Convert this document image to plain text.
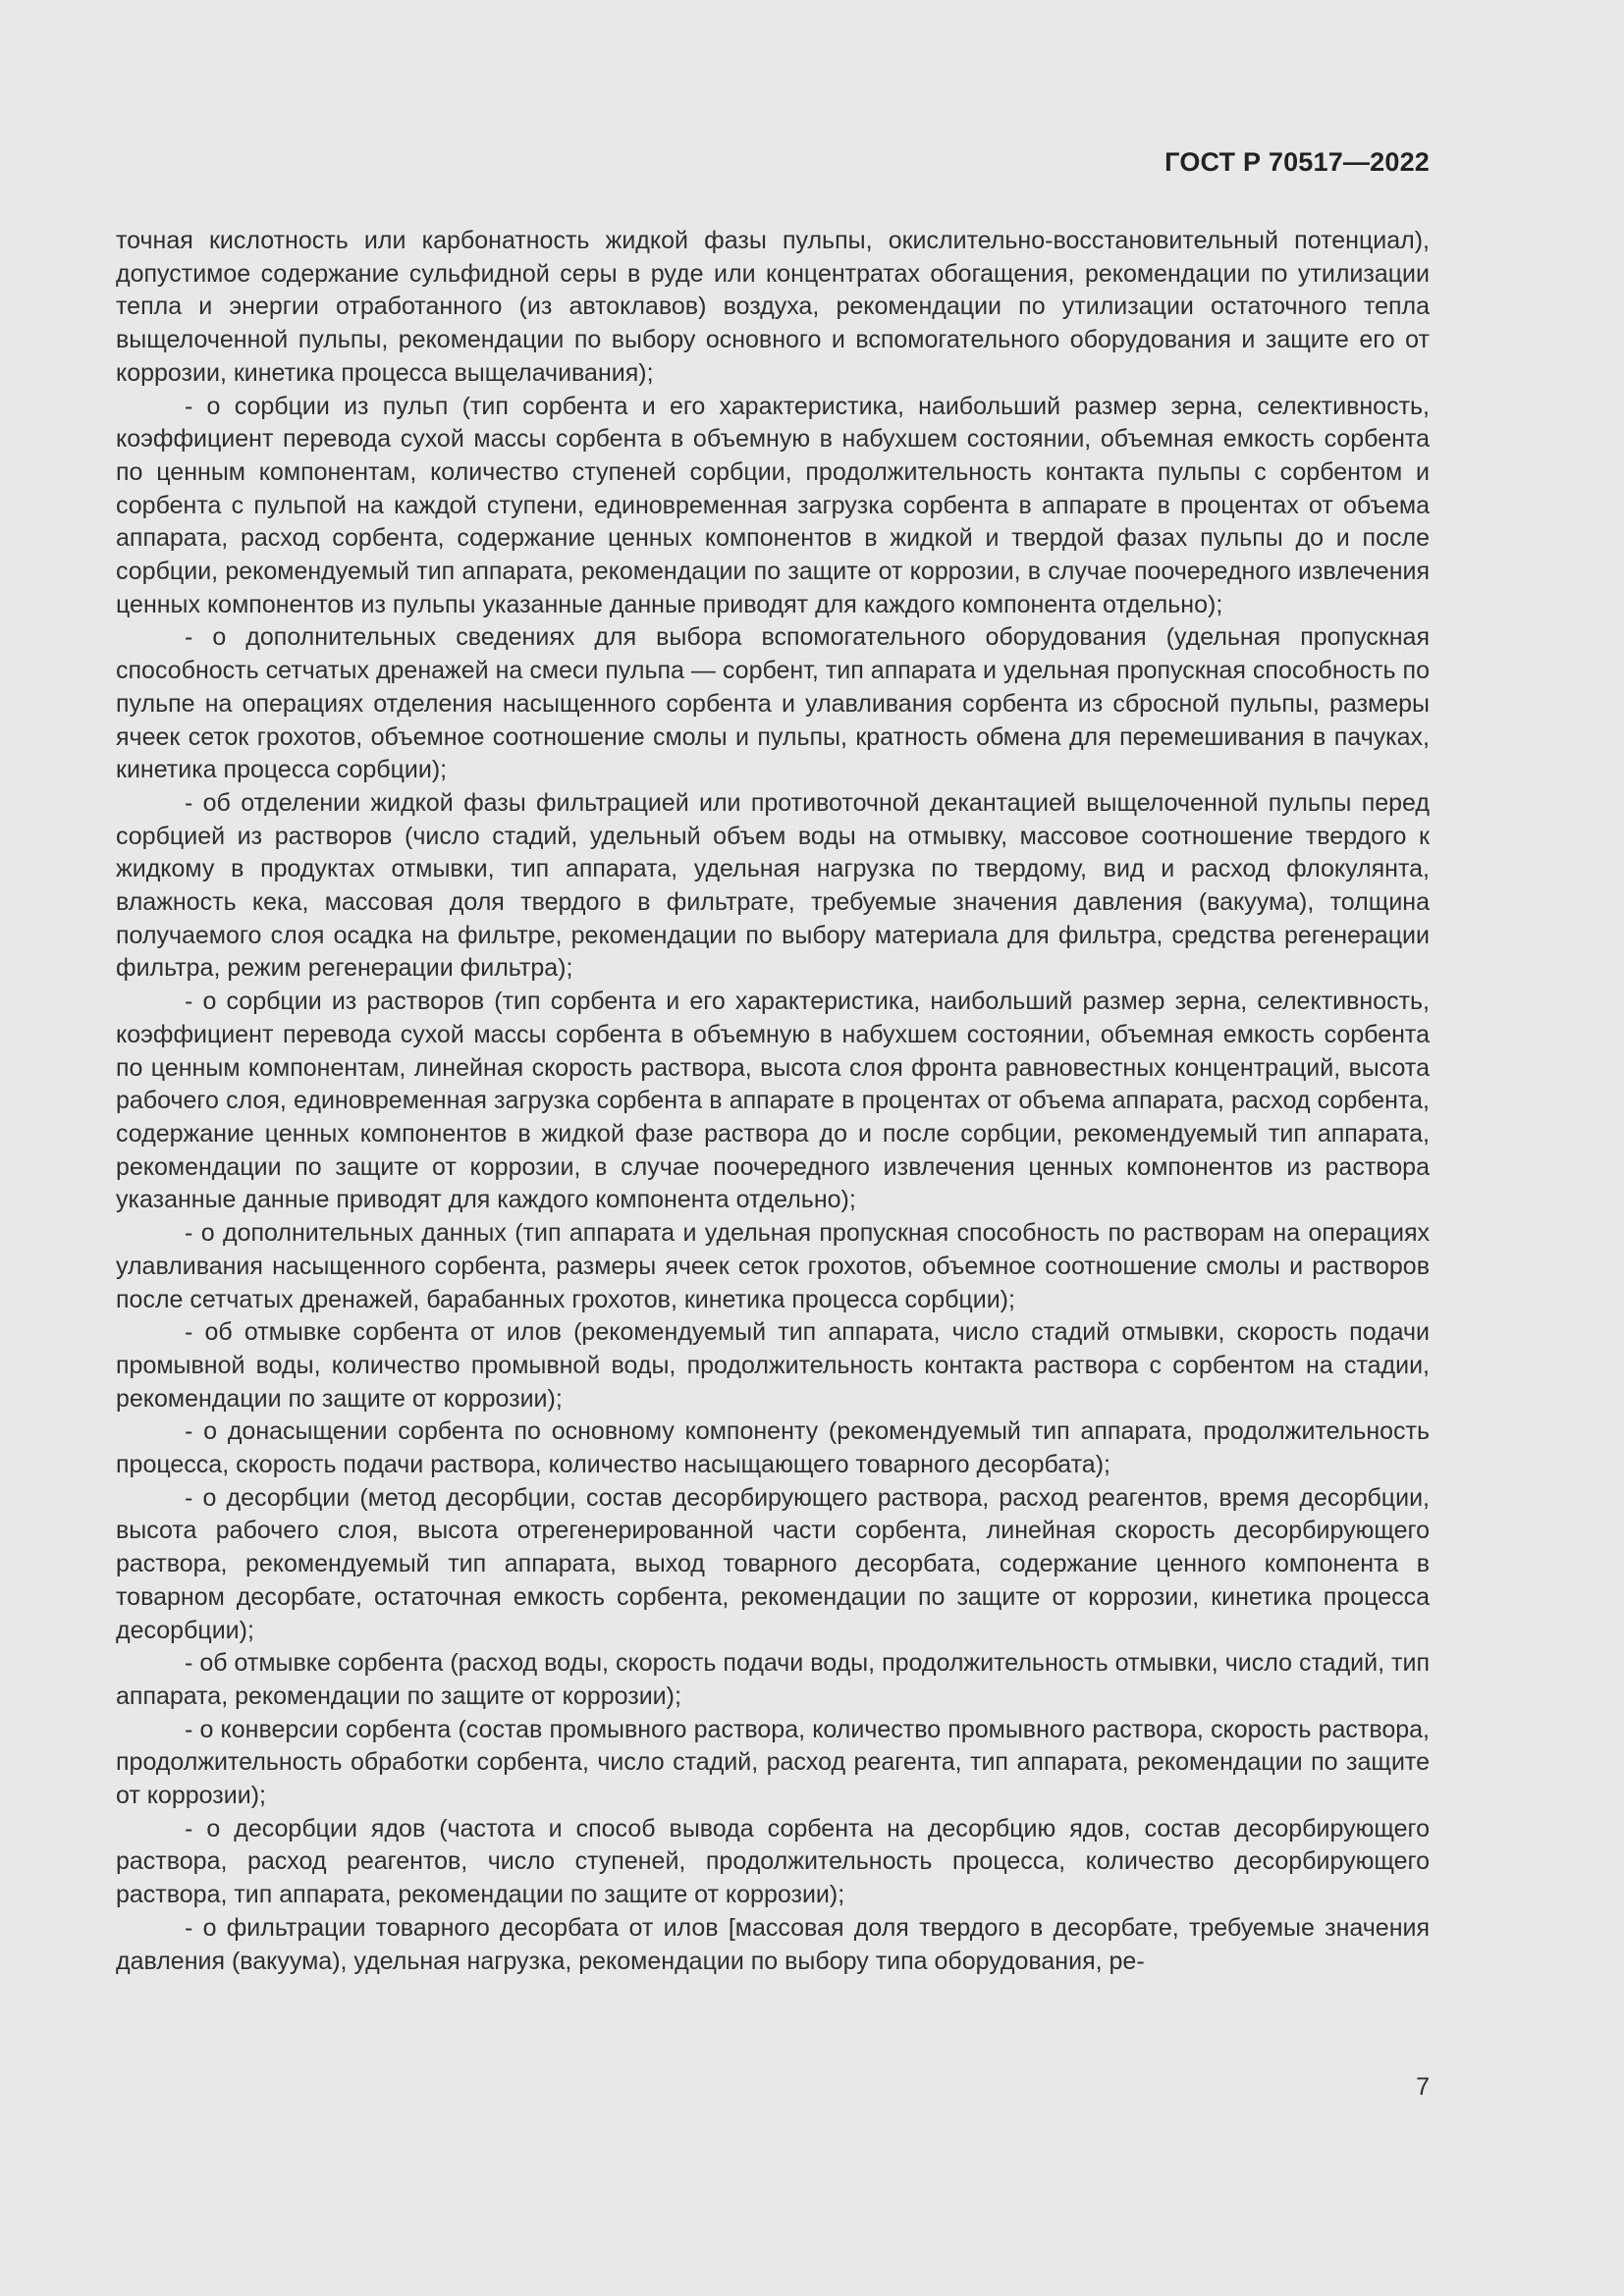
ГОСТ Р 70517—2022

точная кислотность или карбонатность жидкой фазы пульпы, окислительно-восстановительный потенциал), допустимое содержание сульфидной серы в руде или концентратах обогащения, рекомендации по утилизации тепла и энергии отработанного (из автоклавов) воздуха, рекомендации по утилизации остаточного тепла выщелоченной пульпы, рекомендации по выбору основного и вспомогательного оборудования и защите его от коррозии, кинетика процесса выщелачивания);

- о сорбции из пульп (тип сорбента и его характеристика, наибольший размер зерна, селективность, коэффициент перевода сухой массы сорбента в объемную в набухшем состоянии, объемная емкость сорбента по ценным компонентам, количество ступеней сорбции, продолжительность контакта пульпы с сорбентом и сорбента с пульпой на каждой ступени, единовременная загрузка сорбента в аппарате в процентах от объема аппарата, расход сорбента, содержание ценных компонентов в жидкой и твердой фазах пульпы до и после сорбции, рекомендуемый тип аппарата, рекомендации по защите от коррозии, в случае поочередного извлечения ценных компонентов из пульпы указанные данные приводят для каждого компонента отдельно);

- о дополнительных сведениях для выбора вспомогательного оборудования (удельная пропускная способность сетчатых дренажей на смеси пульпа — сорбент, тип аппарата и удельная пропускная способность по пульпе на операциях отделения насыщенного сорбента и улавливания сорбента из сбросной пульпы, размеры ячеек сеток грохотов, объемное соотношение смолы и пульпы, кратность обмена для перемешивания в пачуках, кинетика процесса сорбции);

- об отделении жидкой фазы фильтрацией или противоточной декантацией выщелоченной пульпы перед сорбцией из растворов (число стадий, удельный объем воды на отмывку, массовое соотношение твердого к жидкому в продуктах отмывки, тип аппарата, удельная нагрузка по твердому, вид и расход флокулянта, влажность кека, массовая доля твердого в фильтрате, требуемые значения давления (вакуума), толщина получаемого слоя осадка на фильтре, рекомендации по выбору материала для фильтра, средства регенерации фильтра, режим регенерации фильтра);

- о сорбции из растворов (тип сорбента и его характеристика, наибольший размер зерна, селективность, коэффициент перевода сухой массы сорбента в объемную в набухшем состоянии, объемная емкость сорбента по ценным компонентам, линейная скорость раствора, высота слоя фронта равновестных концентраций, высота рабочего слоя, единовременная загрузка сорбента в аппарате в процентах от объема аппарата, расход сорбента, содержание ценных компонентов в жидкой фазе раствора до и после сорбции, рекомендуемый тип аппарата, рекомендации по защите от коррозии, в случае поочередного извлечения ценных компонентов из раствора указанные данные приводят для каждого компонента отдельно);

- о дополнительных данных (тип аппарата и удельная пропускная способность по растворам на операциях улавливания насыщенного сорбента, размеры ячеек сеток грохотов, объемное соотношение смолы и растворов после сетчатых дренажей, барабанных грохотов, кинетика процесса сорбции);

- об отмывке сорбента от илов (рекомендуемый тип аппарата, число стадий отмывки, скорость подачи промывной воды, количество промывной воды, продолжительность контакта раствора с сорбентом на стадии, рекомендации по защите от коррозии);

- о донасыщении сорбента по основному компоненту (рекомендуемый тип аппарата, продолжительность процесса, скорость подачи раствора, количество насыщающего товарного десорбата);

- о десорбции (метод десорбции, состав десорбирующего раствора, расход реагентов, время десорбции, высота рабочего слоя, высота отрегенерированной части сорбента, линейная скорость десорбирующего раствора, рекомендуемый тип аппарата, выход товарного десорбата, содержание ценного компонента в товарном десорбате, остаточная емкость сорбента, рекомендации по защите от коррозии, кинетика процесса десорбции);

- об отмывке сорбента (расход воды, скорость подачи воды, продолжительность отмывки, число стадий, тип аппарата, рекомендации по защите от коррозии);

- о конверсии сорбента (состав промывного раствора, количество промывного раствора, скорость раствора, продолжительность обработки сорбента, число стадий, расход реагента, тип аппарата, рекомендации по защите от коррозии);

- о десорбции ядов (частота и способ вывода сорбента на десорбцию ядов, состав десорбирующего раствора, расход реагентов, число ступеней, продолжительность процесса, количество десорбирующего раствора, тип аппарата, рекомендации по защите от коррозии);

- о фильтрации товарного десорбата от илов [массовая доля твердого в десорбате, требуемые значения давления (вакуума), удельная нагрузка, рекомендации по выбору типа оборудования, ре-

7
